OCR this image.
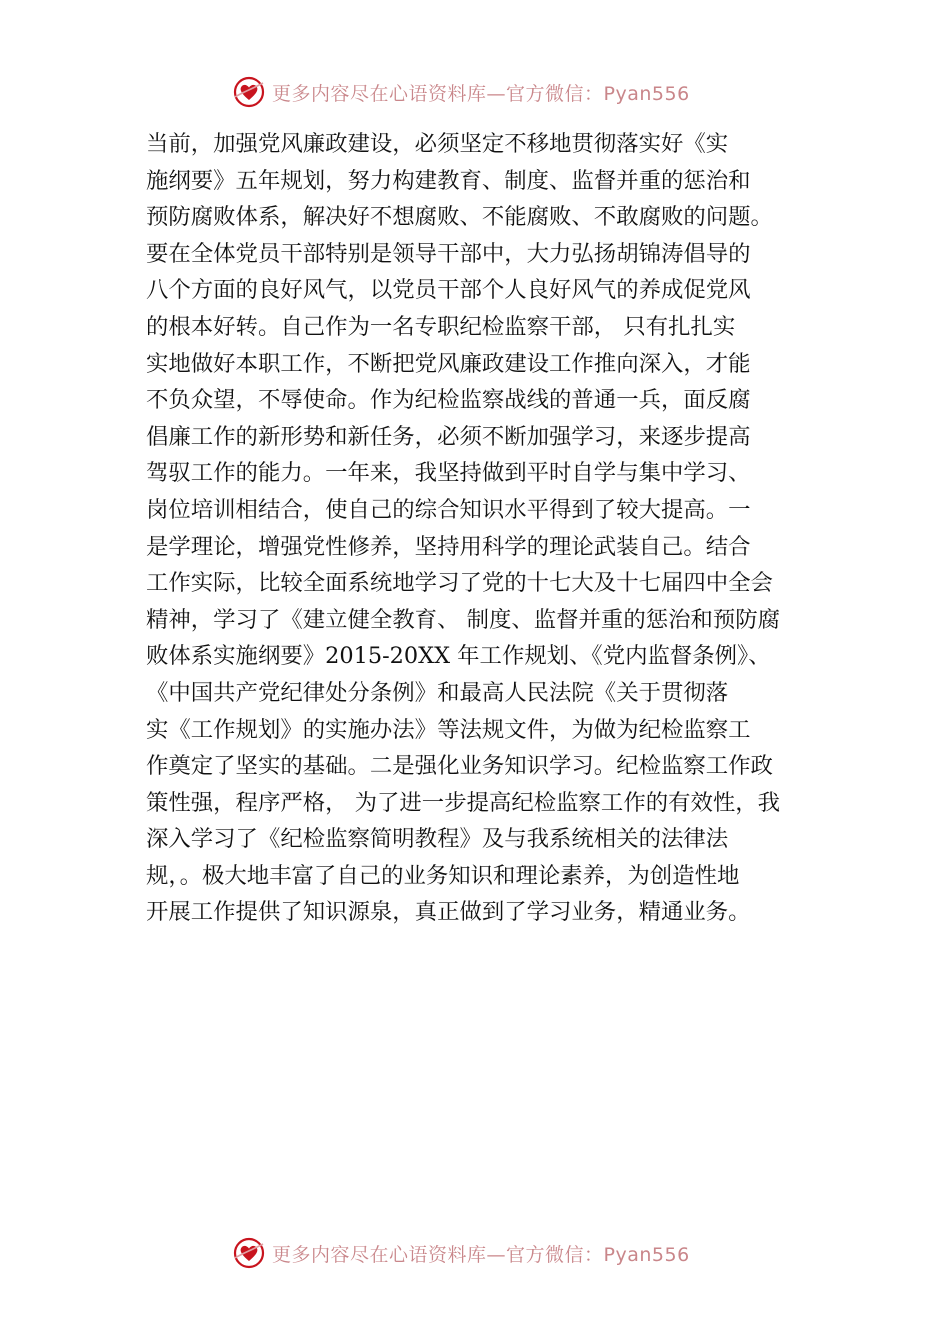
更多内容尽在心语资料库—官方微信：Pyan556
当前，加强党风廉政建设，必须坚定不移地贯彻落实好《实
施纲要》五年规划，努力构建教育、制度、监督并重的惩治和
预防腐败体系，解决好不想腐败、不能腐败、不敢腐败的问题。
要在全体党员干部特别是领导干部中，大力弘扬胡锦涛倡导的
八个方面的良好风气，以党员干部个人良好风气的养成促党风
的根本好转。自己作为一名专职纪检监察干部， 只有扎扎实
实地做好本职工作，不断把党风廉政建设工作推向深入，才能
不负众望，不辱使命。作为纪检监察战线的普通一兵，面反腐
倡廉工作的新形势和新任务，必须不断加强学习，来逐步提高
驾驭工作的能力。一年来，我坚持做到平时自学与集中学习、
岗位培训相结合，使自己的综合知识水平得到了较大提高。一
是学理论，增强党性修养，坚持用科学的理论武装自己。结合
工作实际，比较全面系统地学习了党的十七大及十七届四中全会
精神，学习了《建立健全教育、 制度、监督并重的惩治和预防腐
败体系实施纲要》2015-20XX 年工作规划、《党内监督条例》、
《中国共产党纪律处分条例》和最高人民法院《关于贯彻落
实《工作规划》的实施办法》等法规文件，为做为纪检监察工
作奠定了坚实的基础。二是强化业务知识学习。纪检监察工作政
策性强，程序严格， 为了进一步提高纪检监察工作的有效性，我
深入学习了《纪检监察简明教程》及与我系统相关的法律法
规，。极大地丰富了自己的业务知识和理论素养，为创造性地
开展工作提供了知识源泉，真正做到了学习业务，精通业务。
更多内容尽在心语资料库—官方微信：Pyan556
